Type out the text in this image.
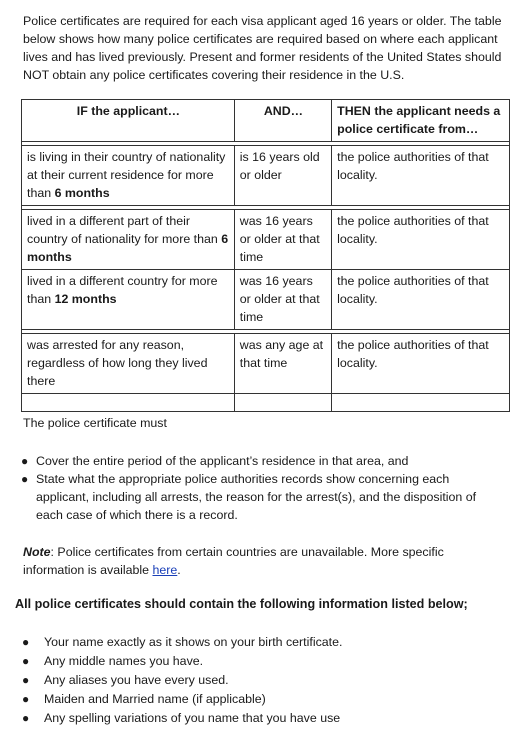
Police certificates are required for each visa applicant aged 16 years or older. The table below shows how many police certificates are required based on where each applicant lives and has lived previously. Present and former residents of the United States should NOT obtain any police certificates covering their residence in the U.S.

IF the applicant…	AND…	THEN the applicant needs a police certificate from…

is living in their country of nationality at their current residence for more than 6 months	is 16 years old or older	the police authorities of that locality.

lived in a different part of their country of nationality for more than 6 months	was 16 years or older at that time	the police authorities of that locality.
lived in a different country for more than 12 months	was 16 years or older at that time	the police authorities of that locality.

was arrested for any reason, regardless of how long they lived there	was any age at that time	the police authorities of that locality.

The police certificate must
● Cover the entire period of the applicant’s residence in that area, and
● State what the appropriate police authorities records show concerning each applicant, including all arrests, the reason for the arrest(s), and the disposition of each case of which there is a record.
Note: Police certificates from certain countries are unavailable. More specific information is available here.
All police certificates should contain the following information listed below;
● Your name exactly as it shows on your birth certificate.
● Any middle names you have.
● Any aliases you have every used.
● Maiden and Married name (if applicable)
● Any spelling variations of you name that you have use
